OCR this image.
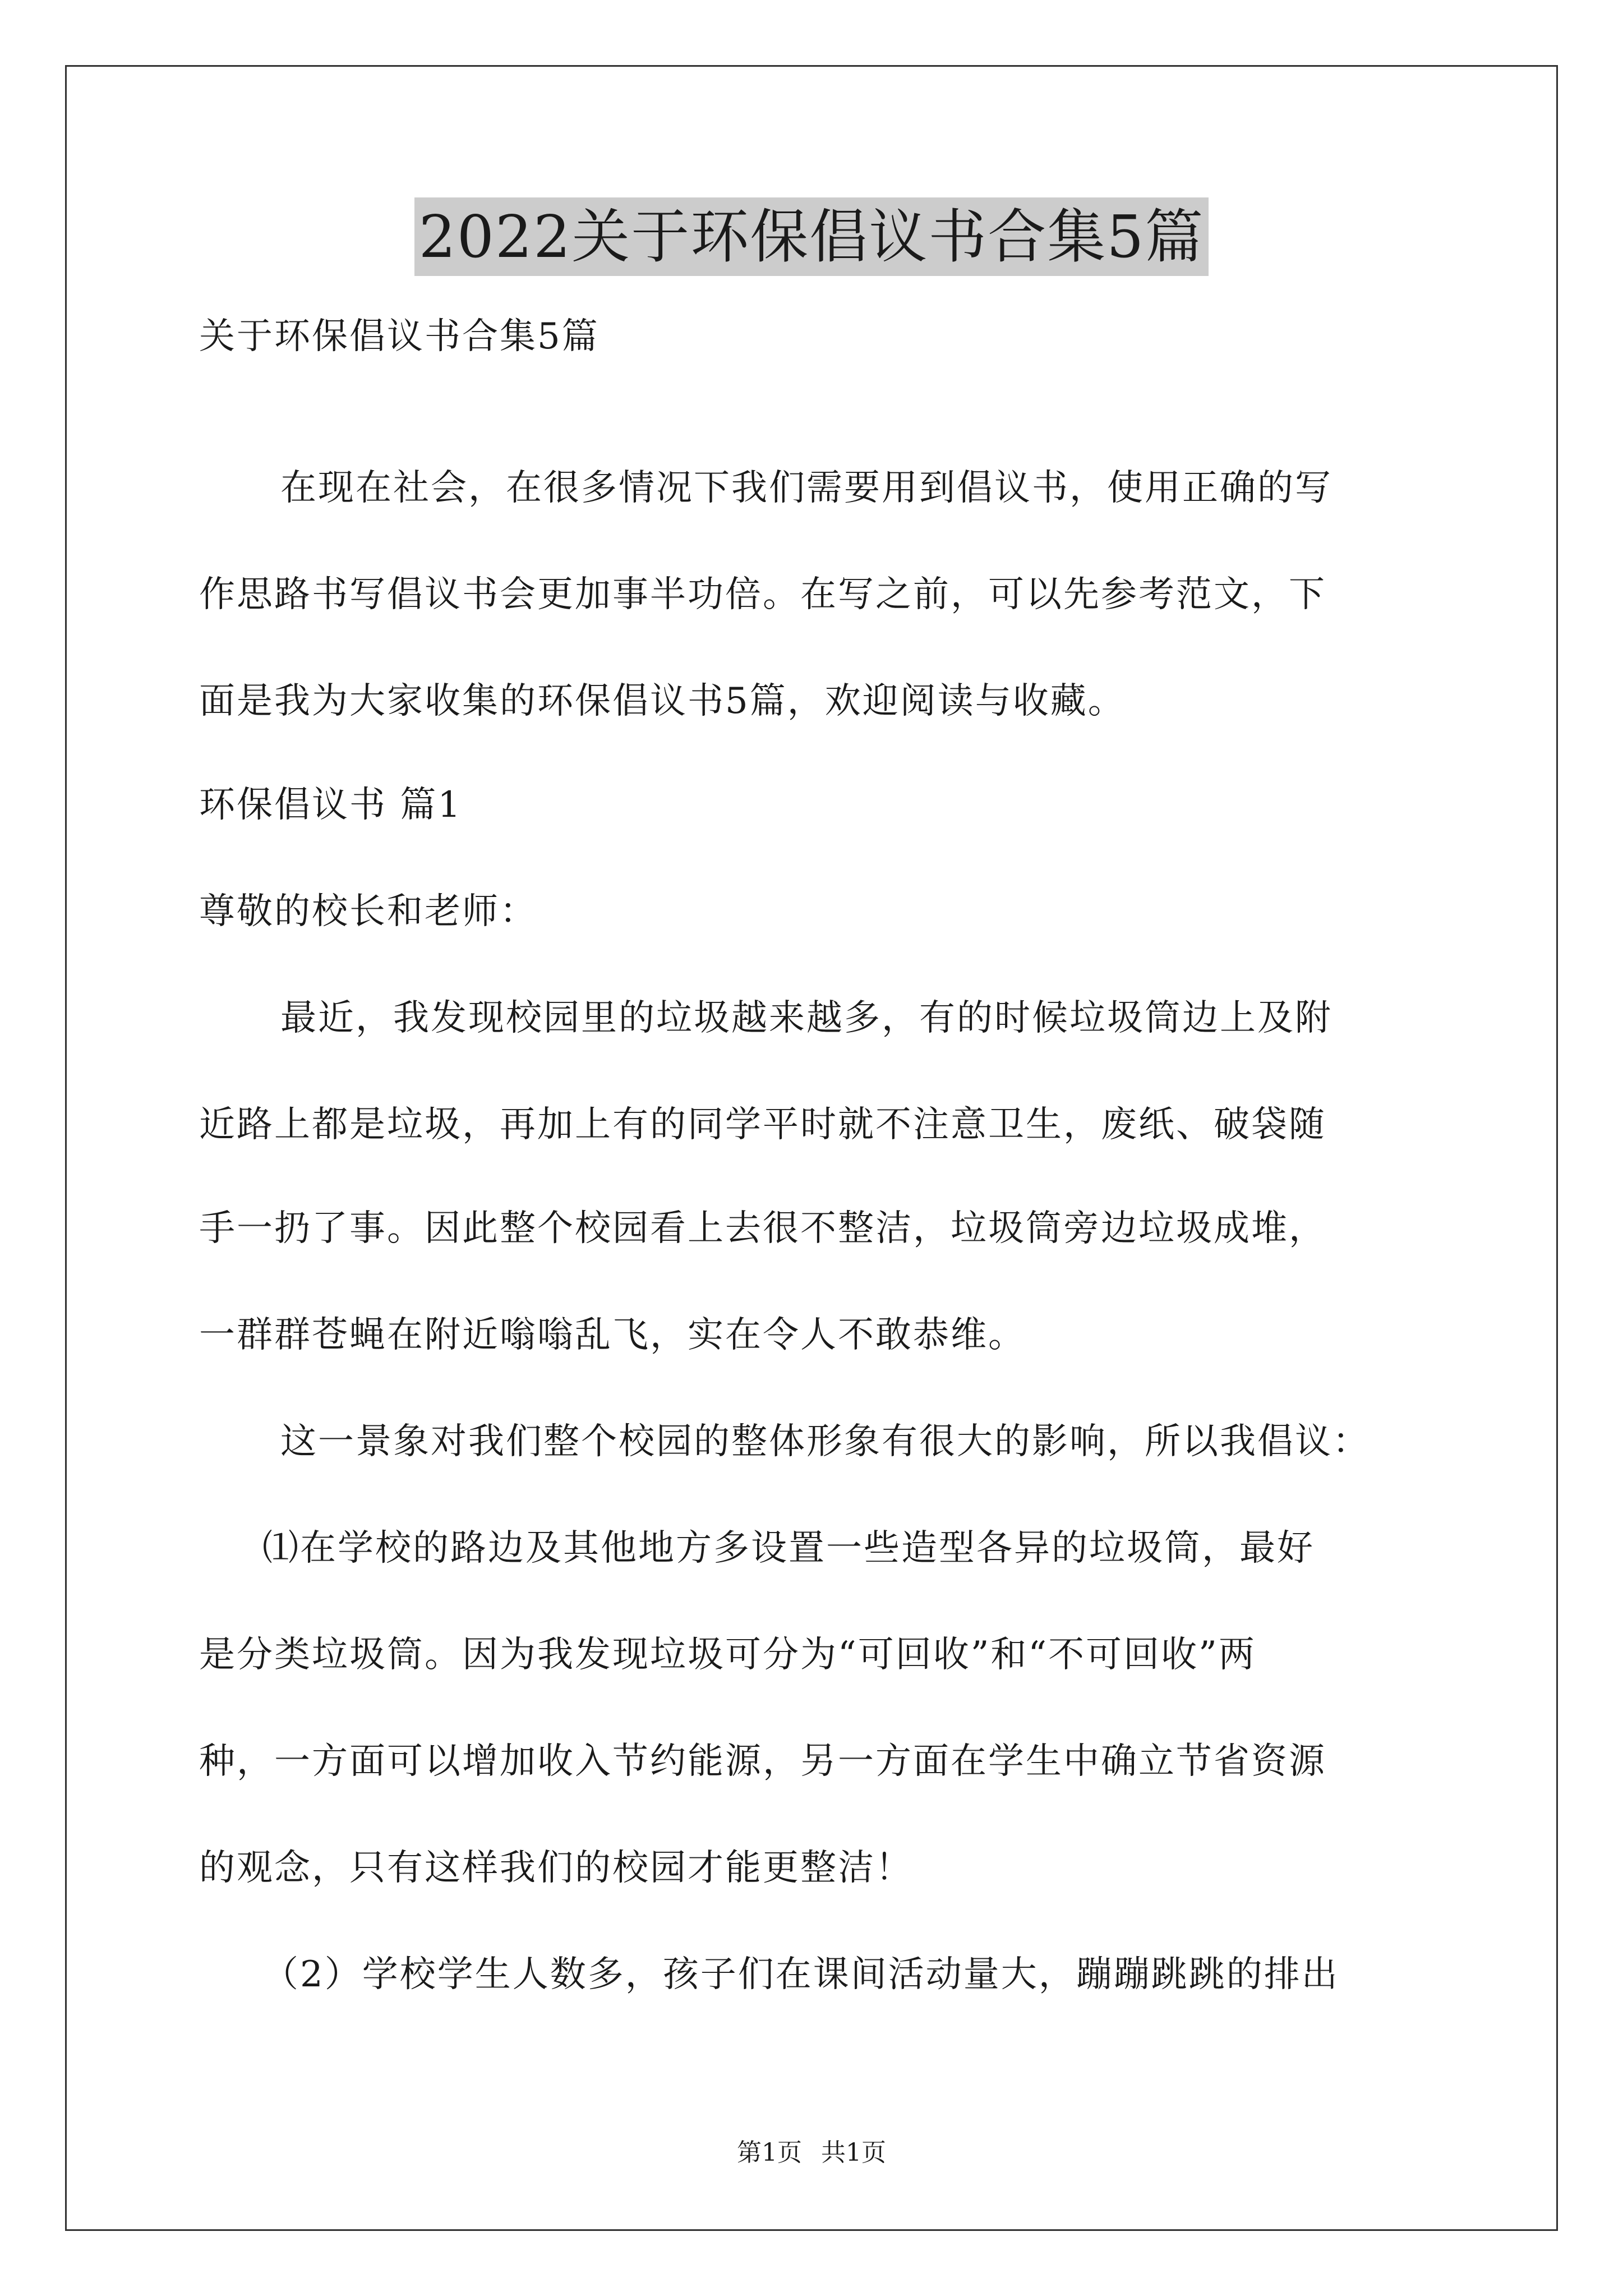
2022关于环保倡议书合集5篇
关于环保倡议书合集5篇
在现在社会，在很多情况下我们需要用到倡议书，使用正确的写
作思路书写倡议书会更加事半功倍。在写之前，可以先参考范文，下
面是我为大家收集的环保倡议书5篇，欢迎阅读与收藏。
环保倡议书 篇1
尊敬的校长和老师：
最近，我发现校园里的垃圾越来越多，有的时候垃圾筒边上及附
近路上都是垃圾，再加上有的同学平时就不注意卫生，废纸、破袋随
手一扔了事。因此整个校园看上去很不整洁，垃圾筒旁边垃圾成堆，
一群群苍蝇在附近嗡嗡乱飞，实在令人不敢恭维。
这一景象对我们整个校园的整体形象有很大的影响，所以我倡议：
⑴在学校的路边及其他地方多设置一些造型各异的垃圾筒，最好
是分类垃圾筒。因为我发现垃圾可分为“可回收”和“不可回收”两
种，一方面可以增加收入节约能源，另一方面在学生中确立节省资源
的观念，只有这样我们的校园才能更整洁！
（2）学校学生人数多，孩子们在课间活动量大，蹦蹦跳跳的排出
第1页 共1页
